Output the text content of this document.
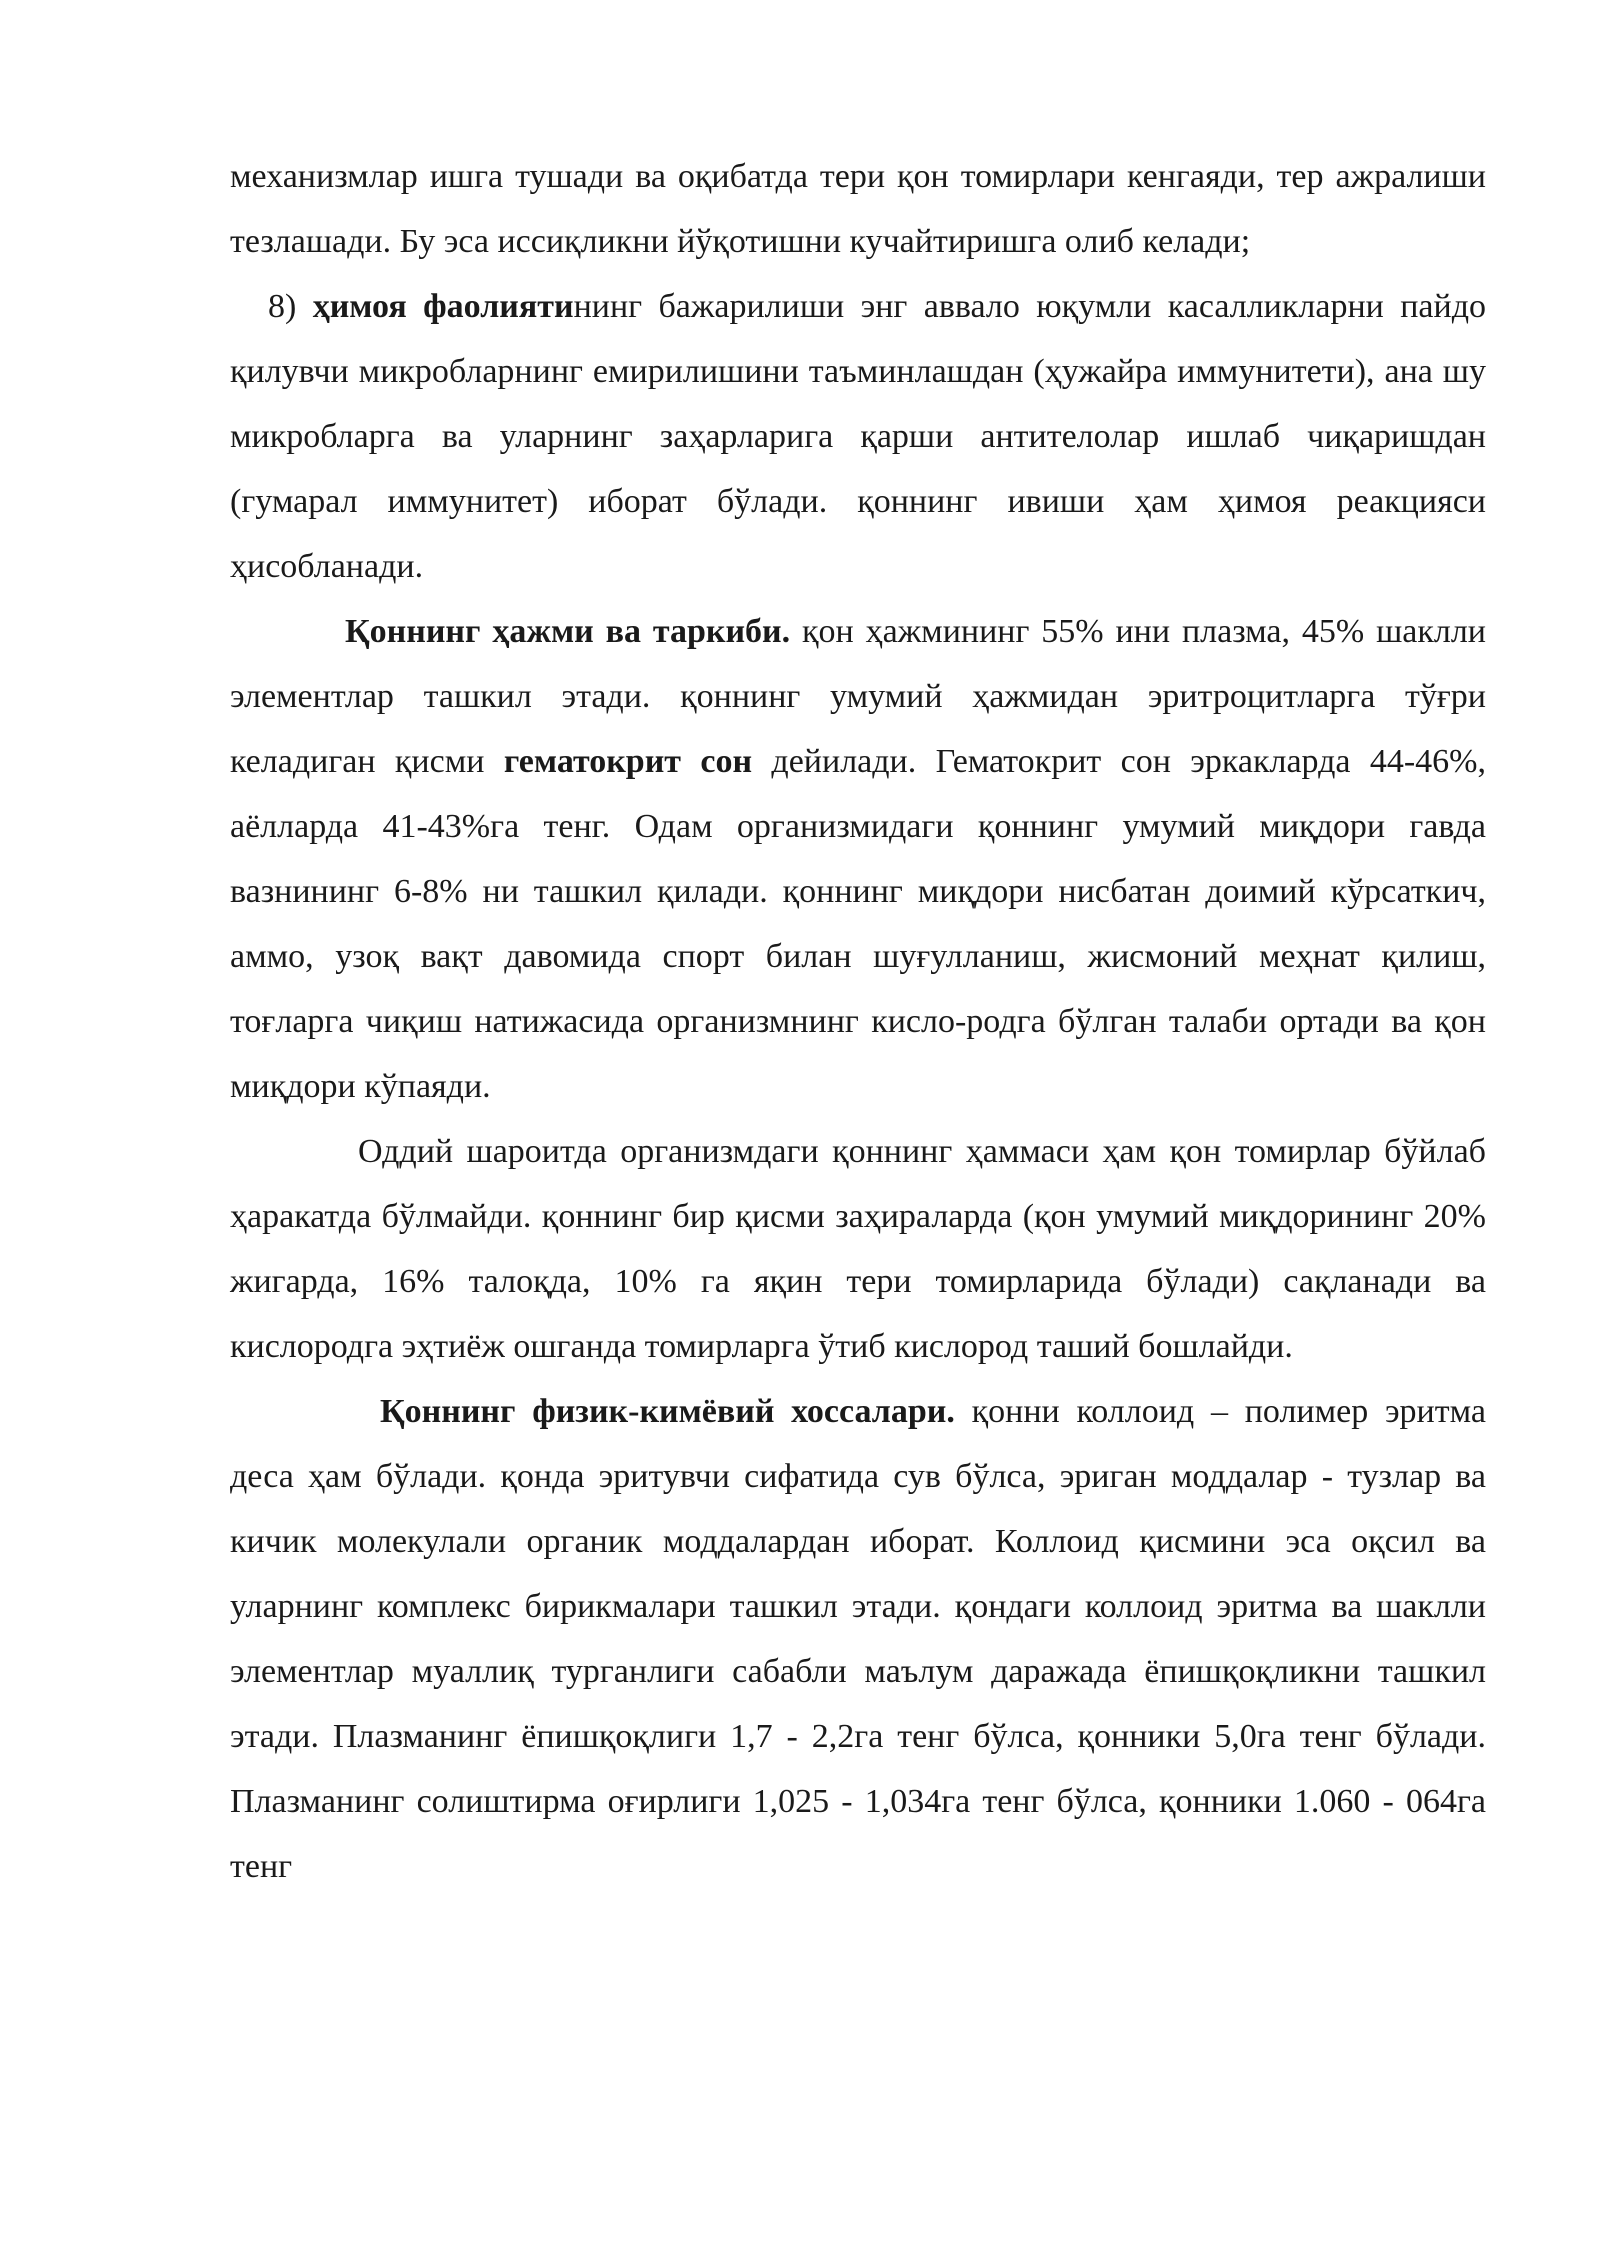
механизмлар ишга тушади ва оқибатда тери қон томирлари кенгаяди, тер ажралиши тезлашади. Бу эса иссиқликни йўқотишни кучайтиришга олиб келади;

8) ҳимоя фаолиятининг бажарилиши энг аввало юқумли касалликларни пайдо қилувчи микробларнинг емирилишини таъминлашдан (ҳужайра иммунитети), ана шу микробларга ва уларнинг заҳарларига қарши антителолар ишлаб чиқаришдан (гумарал иммунитет) иборат бўлади. қоннинг ивиши ҳам ҳимоя реакцияси ҳисобланади.

Қоннинг ҳажми ва таркиби. қон ҳажмининг 55% ини плазма, 45% шаклли элементлар ташкил этади. қоннинг умумий ҳажмидан эритроцитларга тўғри келадиган қисми гематокрит сон дейилади. Гематокрит сон эркакларда 44-46%, аёлларда 41-43%га тенг. Одам организмидаги қоннинг умумий миқдори гавда вазнининг 6-8% ни ташкил қилади. қоннинг миқдори нисбатан доимий кўрсаткич, аммо, узоқ вақт давомида спорт билан шуғулланиш, жисмоний меҳнат қилиш, тоғларга чиқиш натижасида организмнинг кисло-родга бўлган талаби ортади ва қон миқдори кўпаяди.

Оддий шароитда организмдаги қоннинг ҳаммаси ҳам қон томирлар бўйлаб ҳаракатда бўлмайди. қоннинг бир қисми заҳираларда (қон умумий миқдорининг 20% жигарда, 16% талоқда, 10% га яқин тери томирларида бўлади) сақланади ва кислородга эҳтиёж ошганда томирларга ўтиб кислород таший бошлайди.

Қоннинг физик-кимёвий хоссалари. қонни коллоид – полимер эритма деса ҳам бўлади. қонда эритувчи сифатида сув бўлса, эриган моддалар - тузлар ва кичик молекулали органик моддалардан иборат. Коллоид қисмини эса оқсил ва уларнинг комплекс бирикмалари ташкил этади. қондаги коллоид эритма ва шаклли элементлар муаллиқ турганлиги сабабли маълум даражада ёпишқоқликни ташкил этади. Плазманинг ёпишқоқлиги 1,7 - 2,2га тенг бўлса, қонники 5,0га тенг бўлади. Плазманинг солиштирма оғирлиги 1,025 - 1,034га тенг бўлса, қонники 1.060 - 064га тенг
